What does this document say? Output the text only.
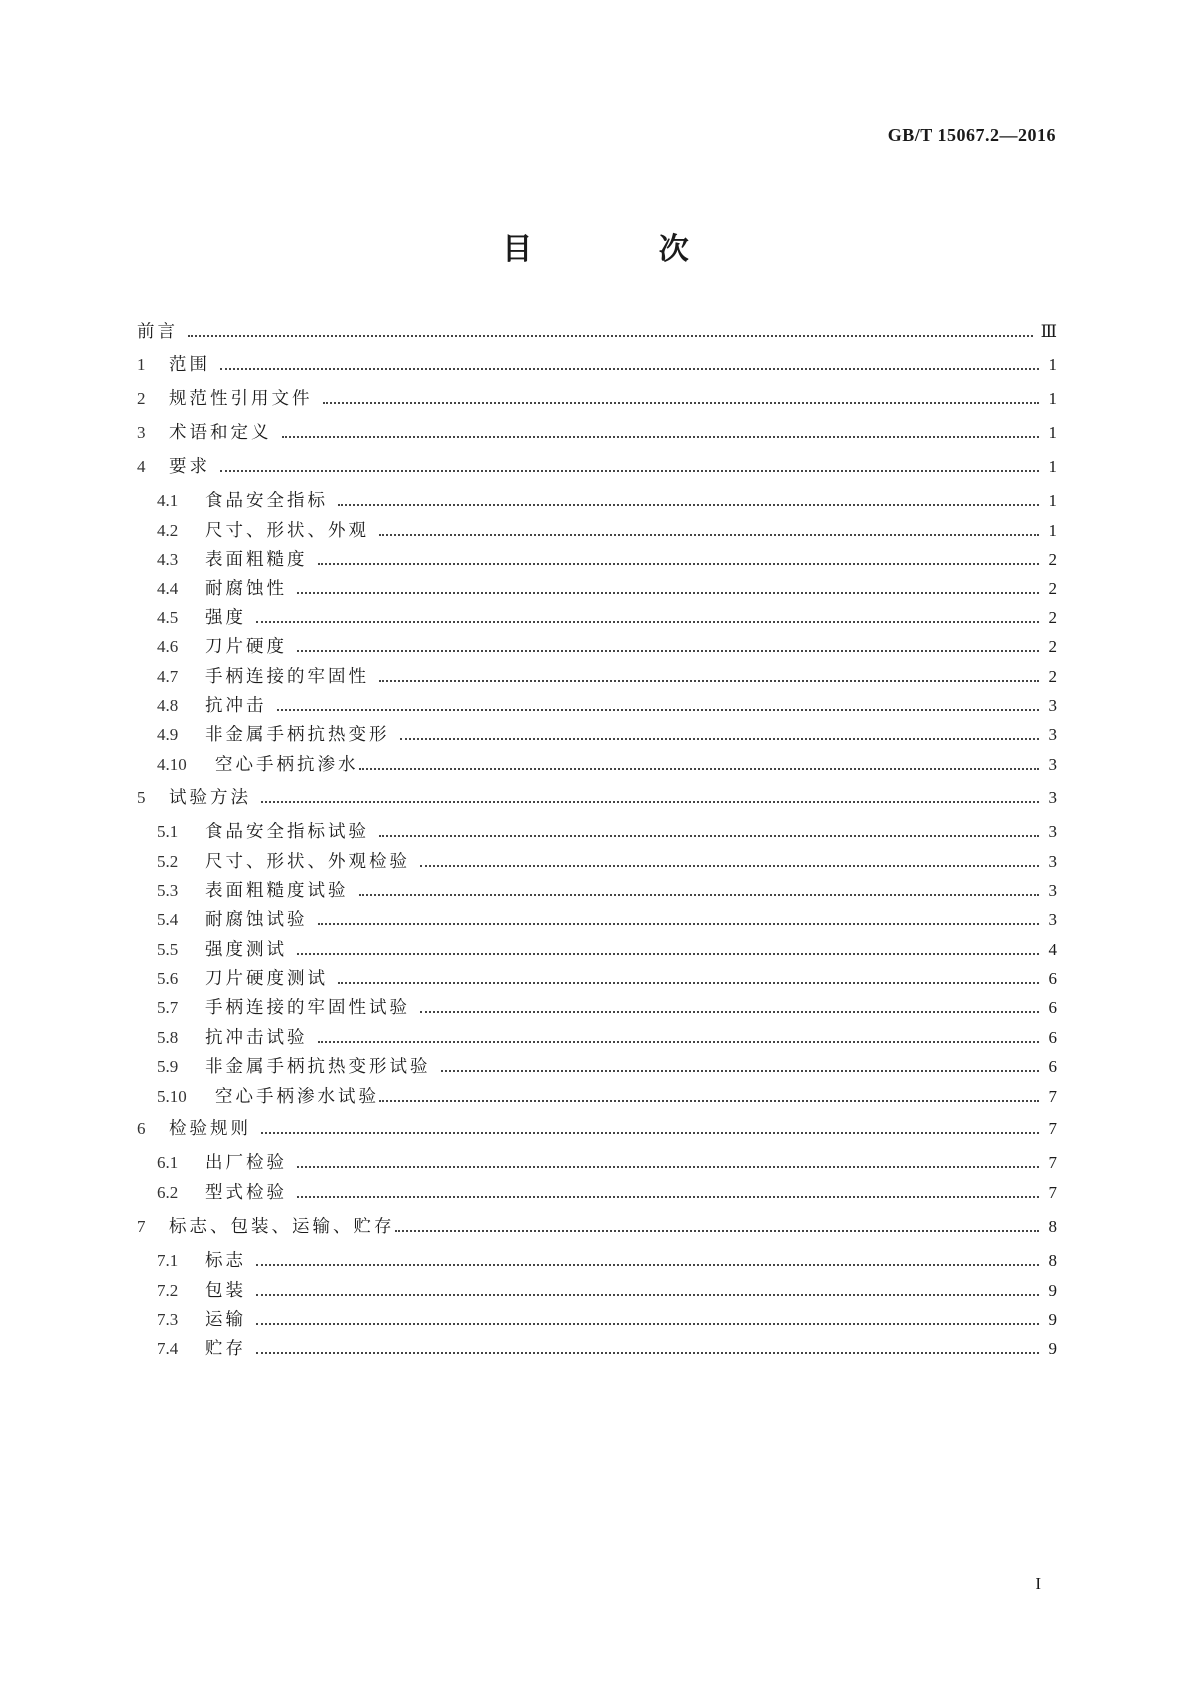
GB/T 15067.2—2016
目 次
前言	Ⅲ
1	范围	1
2	规范性引用文件	1
3	术语和定义	1
4	要求	1
4.1	食品安全指标	1
4.2	尺寸、形状、外观	1
4.3	表面粗糙度	2
4.4	耐腐蚀性	2
4.5	强度	2
4.6	刀片硬度	2
4.7	手柄连接的牢固性	2
4.8	抗冲击	3
4.9	非金属手柄抗热变形	3
4.10	空心手柄抗渗水	3
5	试验方法	3
5.1	食品安全指标试验	3
5.2	尺寸、形状、外观检验	3
5.3	表面粗糙度试验	3
5.4	耐腐蚀试验	3
5.5	强度测试	4
5.6	刀片硬度测试	6
5.7	手柄连接的牢固性试验	6
5.8	抗冲击试验	6
5.9	非金属手柄抗热变形试验	6
5.10	空心手柄渗水试验	7
6	检验规则	7
6.1	出厂检验	7
6.2	型式检验	7
7	标志、包装、运输、贮存	8
7.1	标志	8
7.2	包装	9
7.3	运输	9
7.4	贮存	9
I
